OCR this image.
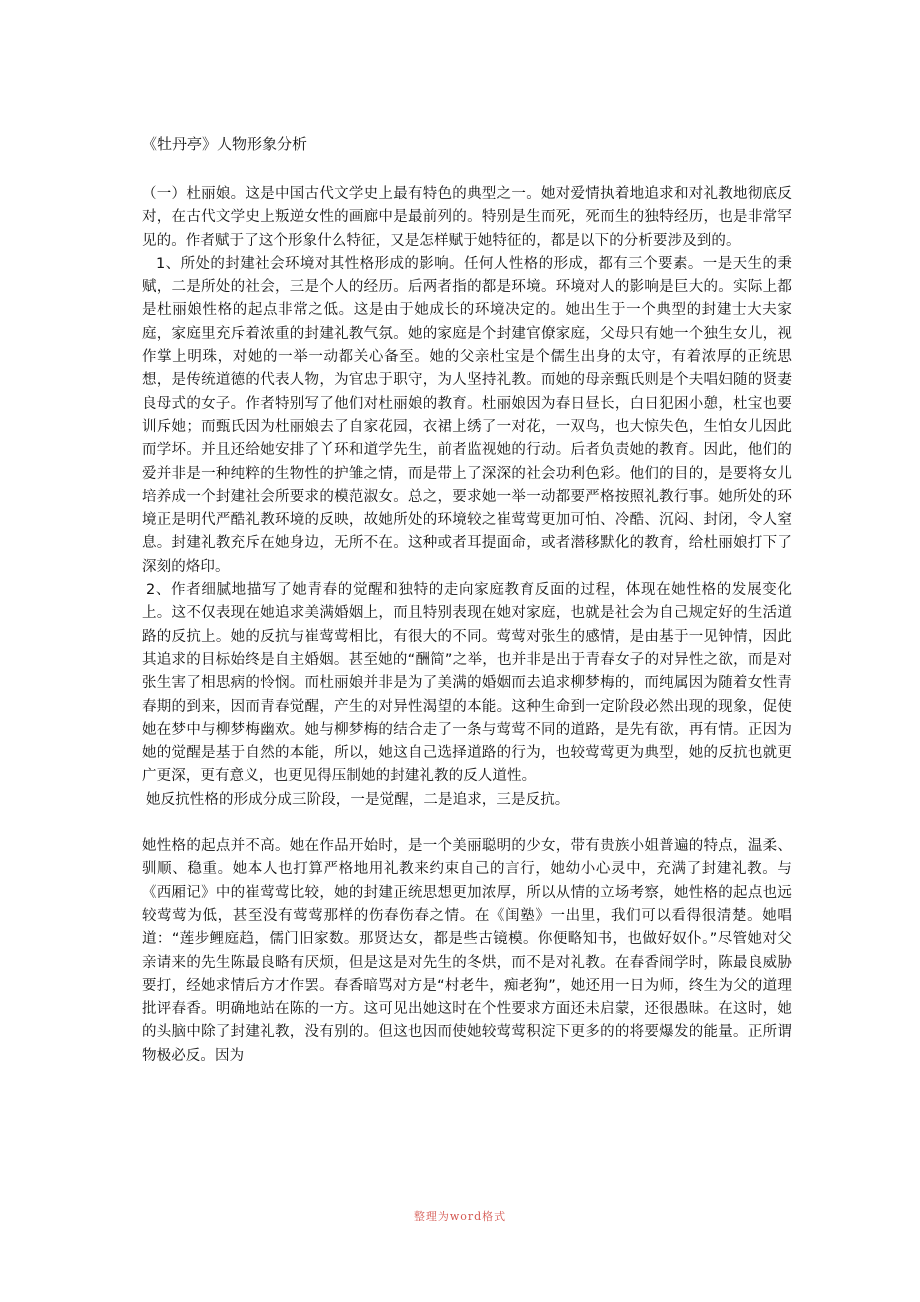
《牡丹亭》人物形象分析

（一）杜丽娘。这是中国古代文学史上最有特色的典型之一。她对爱情执着地追求和对礼教地彻底反对，在古代文学史上叛逆女性的画廊中是最前列的。特别是生而死，死而生的独特经历，也是非常罕见的。作者赋于了这个形象什么特征，又是怎样赋于她特征的，都是以下的分析要涉及到的。

1、所处的封建社会环境对其性格形成的影响。任何人性格的形成，都有三个要素。一是天生的秉赋，二是所处的社会，三是个人的经历。后两者指的都是环境。环境对人的影响是巨大的。实际上都是杜丽娘性格的起点非常之低。这是由于她成长的环境决定的。她出生于一个典型的封建士大夫家庭，家庭里充斥着浓重的封建礼教气氛。她的家庭是个封建官僚家庭，父母只有她一个独生女儿，视作掌上明珠，对她的一举一动都关心备至。她的父亲杜宝是个儒生出身的太守，有着浓厚的正统思想，是传统道德的代表人物，为官忠于职守，为人坚持礼教。而她的母亲甄氏则是个夫唱妇随的贤妻良母式的女子。作者特别写了他们对杜丽娘的教育。杜丽娘因为春日昼长，白日犯困小憩，杜宝也要训斥她；而甄氏因为杜丽娘去了自家花园，衣裙上绣了一对花，一双鸟，也大惊失色，生怕女儿因此而学坏。并且还给她安排了丫环和道学先生，前者监视她的行动。后者负责她的教育。因此，他们的爱并非是一种纯粹的生物性的护雏之情，而是带上了深深的社会功利色彩。他们的目的，是要将女儿培养成一个封建社会所要求的模范淑女。总之，要求她一举一动都要严格按照礼教行事。她所处的环境正是明代严酷礼教环境的反映，故她所处的环境较之崔莺莺更加可怕、冷酷、沉闷、封闭，令人窒息。封建礼教充斥在她身边，无所不在。这种或者耳提面命，或者潜移默化的教育，给杜丽娘打下了深刻的烙印。

2、作者细腻地描写了她青春的觉醒和独特的走向家庭教育反面的过程，体现在她性格的发展变化上。这不仅表现在她追求美满婚姻上，而且特别表现在她对家庭，也就是社会为自己规定好的生活道路的反抗上。她的反抗与崔莺莺相比，有很大的不同。莺莺对张生的感情，是由基于一见钟情，因此其追求的目标始终是自主婚姻。甚至她的“酬简”之举，也并非是出于青春女子的对异性之欲，而是对张生害了相思病的怜悯。而杜丽娘并非是为了美满的婚姻而去追求柳梦梅的，而纯属因为随着女性青春期的到来，因而青春觉醒，产生的对异性渴望的本能。这种生命到一定阶段必然出现的现象，促使她在梦中与柳梦梅幽欢。她与柳梦梅的结合走了一条与莺莺不同的道路，是先有欲，再有情。正因为她的觉醒是基于自然的本能，所以，她这自己选择道路的行为，也较莺莺更为典型，她的反抗也就更广更深，更有意义，也更见得压制她的封建礼教的反人道性。

她反抗性格的形成分成三阶段，一是觉醒，二是追求，三是反抗。

她性格的起点并不高。她在作品开始时，是一个美丽聪明的少女，带有贵族小姐普遍的特点，温柔、驯顺、稳重。她本人也打算严格地用礼教来约束自己的言行，她幼小心灵中，充满了封建礼教。与《西厢记》中的崔莺莺比较，她的封建正统思想更加浓厚，所以从情的立场考察，她性格的起点也远较莺莺为低，甚至没有莺莺那样的伤春伤春之情。在《闺塾》一出里，我们可以看得很清楚。她唱道：“莲步鲤庭趋，儒门旧家数。那贤达女，都是些古镜模。你便略知书，也做好奴仆。”尽管她对父亲请来的先生陈最良略有厌烦，但是这是对先生的冬烘，而不是对礼教。在春香闹学时，陈最良威胁要打，经她求情后方才作罢。春香暗骂对方是“村老牛，痴老狗”，她还用一日为师，终生为父的道理批评春香。明确地站在陈的一方。这可见出她这时在个性要求方面还未启蒙，还很愚昧。在这时，她的头脑中除了封建礼教，没有别的。但这也因而使她较莺莺积淀下更多的的将要爆发的能量。正所谓物极必反。因为

整理为word格式
